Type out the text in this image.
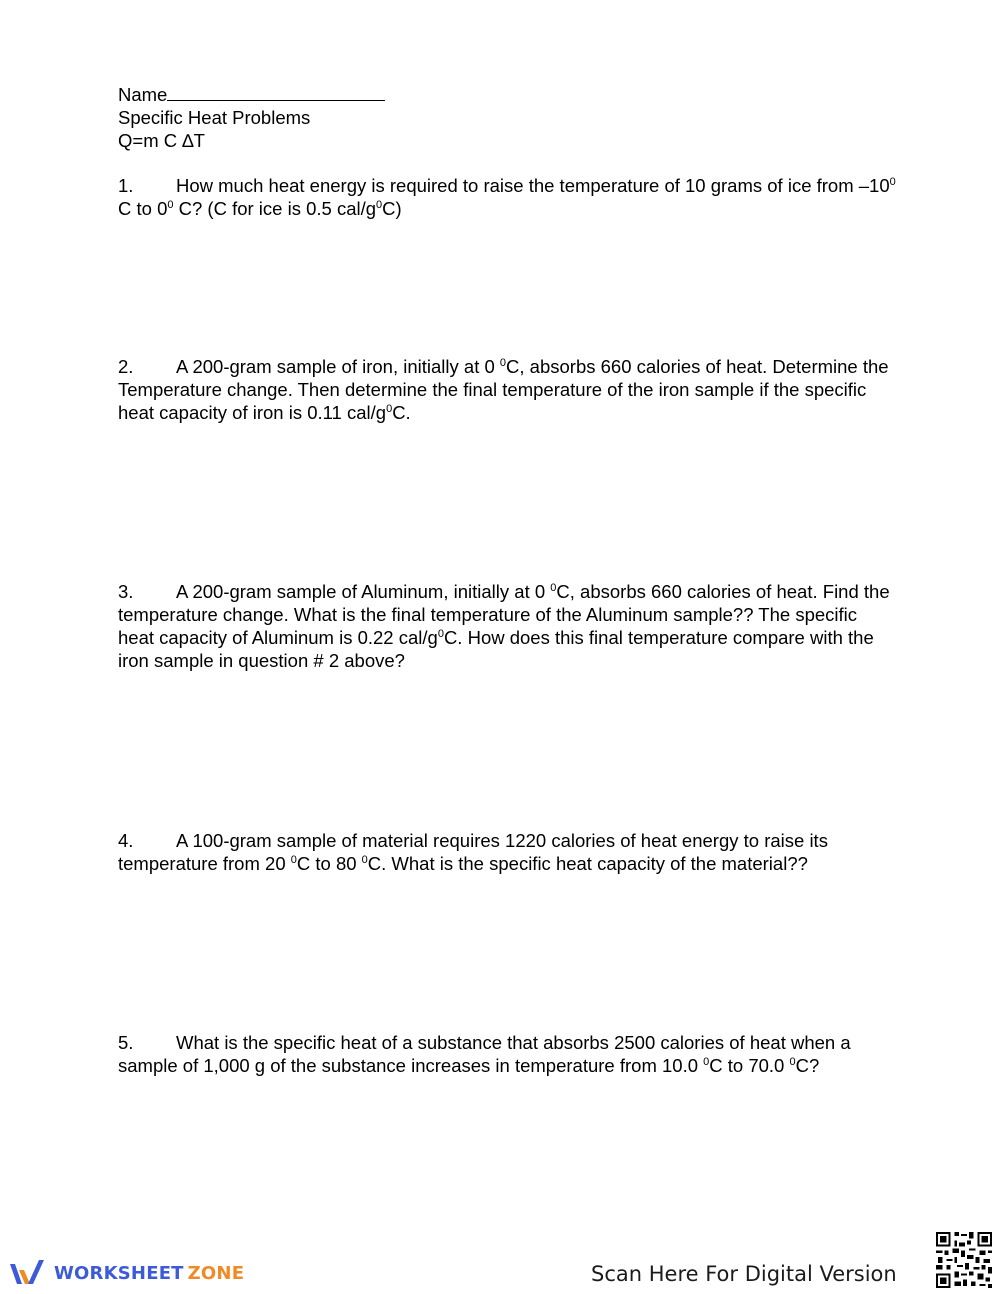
Name
Specific Heat Problems
Q=m C ∆T
1. How much heat energy is required to raise the temperature of 10 grams of ice from $-10^0$ C to $0^0$ C? (C for ice is 0.5 cal/$g^0C$)
2. A 200-gram sample of iron, initially at 0 $^0$C, absorbs 660 calories of heat. Determine the Temperature change. Then determine the final temperature of the iron sample if the specific heat capacity of iron is 0.11 cal/$g^0C$.
3. A 200-gram sample of Aluminum, initially at 0 $^0$C, absorbs 660 calories of heat. Find the temperature change. What is the final temperature of the Aluminum sample?? The specific heat capacity of Aluminum is 0.22 cal/$g^0C$. How does this final temperature compare with the iron sample in question # 2 above?
4. A 100-gram sample of material requires 1220 calories of heat energy to raise its temperature from 20 $^0$C to 80 $^0$C. What is the specific heat capacity of the material??
5. What is the specific heat of a substance that absorbs 2500 calories of heat when a sample of 1,000 g of the substance increases in temperature from 10.0 $^0$C to 70.0 $^0$C?
WORKSHEET ZONE	Scan Here For Digital Version
